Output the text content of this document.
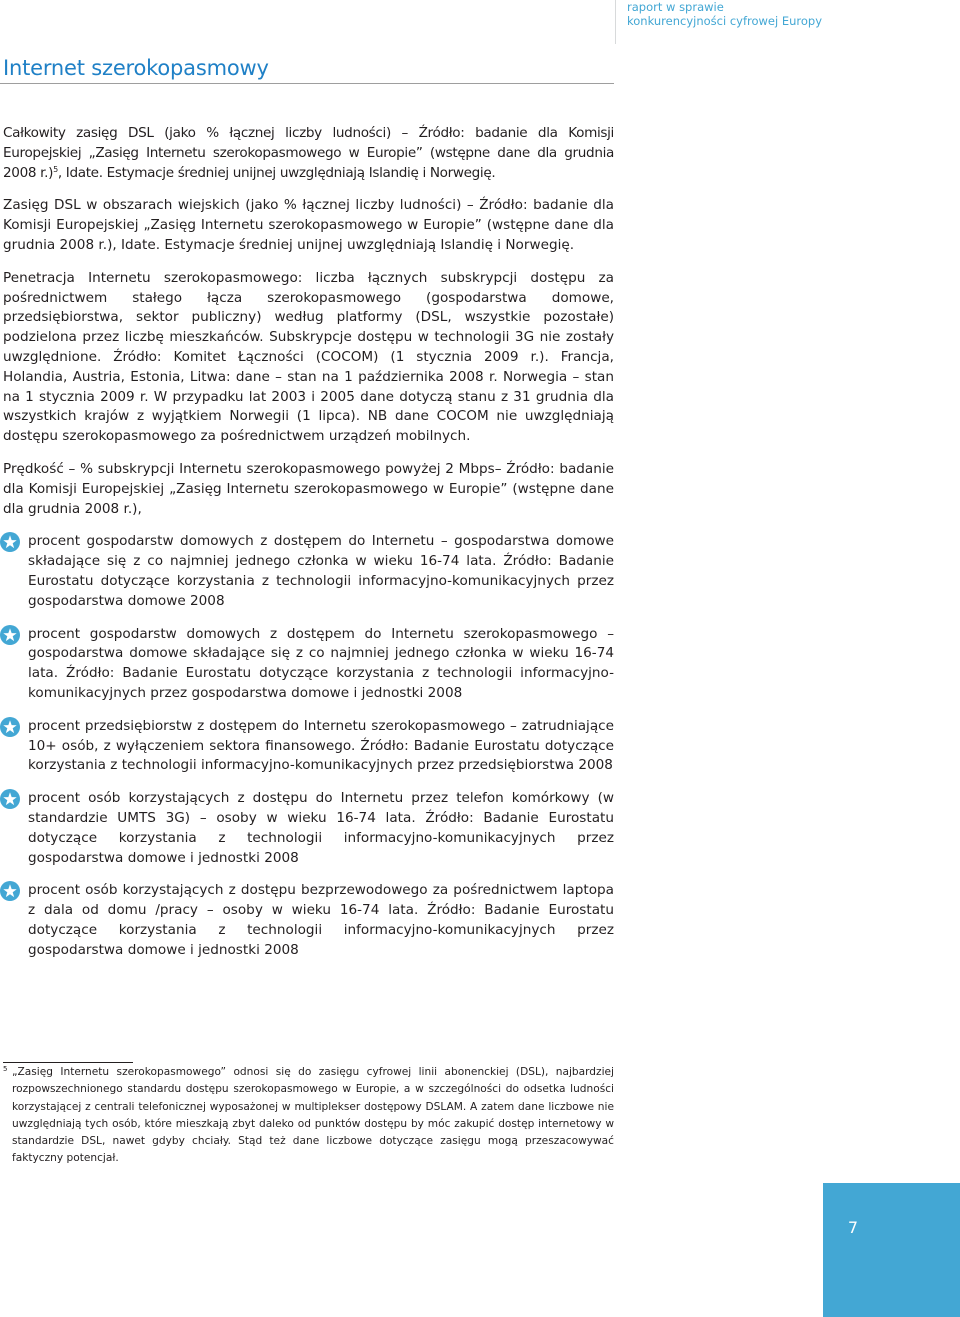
raport w sprawie
konkurencyjności cyfrowej Europy
Internet szerokopasmowy

Całkowity zasięg DSL (jako % łącznej liczby ludności) – Źródło: badanie dla Komisji Europejskiej „Zasięg Internetu szerokopasmowego w Europie” (wstępne dane dla grudnia 2008 r.)$^5$, Idate. Estymacje średniej unijnej uwzględniają Islandię i Norwegię.

Zasięg DSL w obszarach wiejskich (jako % łącznej liczby ludności) – Źródło: badanie dla Komisji Europejskiej „Zasięg Internetu szerokopasmowego w Europie” (wstępne dane dla grudnia 2008 r.), Idate. Estymacje średniej unijnej uwzględniają Islandię i Norwegię.

Penetracja Internetu szerokopasmowego: liczba łącznych subskrypcji dostępu za pośrednictwem stałego łącza szerokopasmowego (gospodarstwa domowe, przedsiębiorstwa, sektor publiczny) według platformy (DSL, wszystkie pozostałe) podzielona przez liczbę mieszkańców. Subskrypcje dostępu w technologii 3G nie zostały uwzględnione. Źródło: Komitet Łączności (COCOM) (1 stycznia 2009 r.). Francja, Holandia, Austria, Estonia, Litwa: dane – stan na 1 października 2008 r. Norwegia – stan na 1 stycznia 2009 r. W przypadku lat 2003 i 2005 dane dotyczą stanu z 31 grudnia dla wszystkich krajów z wyjątkiem Norwegii (1 lipca). NB dane COCOM nie uwzględniają dostępu szerokopasmowego za pośrednictwem urządzeń mobilnych.

Prędkość – % subskrypcji Internetu szerokopasmowego powyżej 2 Mbps– Źródło: badanie dla Komisji Europejskiej „Zasięg Internetu szerokopasmowego w Europie” (wstępne dane dla grudnia 2008 r.),

procent gospodarstw domowych z dostępem do Internetu – gospodarstwa domowe składające się z co najmniej jednego członka w wieku 16-74 lata. Źródło: Badanie Eurostatu dotyczące korzystania z technologii informacyjno-komunikacyjnych przez gospodarstwa domowe 2008
procent gospodarstw domowych z dostępem do Internetu szerokopasmowego – gospodarstwa domowe składające się z co najmniej jednego członka w wieku 16-74 lata. Źródło: Badanie Eurostatu dotyczące korzystania z technologii informacyjno-komunikacyjnych przez gospodarstwa domowe i jednostki 2008
procent przedsiębiorstw z dostępem do Internetu szerokopasmowego – zatrudniające 10+ osób, z wyłączeniem sektora finansowego. Źródło: Badanie Eurostatu dotyczące korzystania z technologii informacyjno-komunikacyjnych przez przedsiębiorstwa 2008
procent osób korzystających z dostępu do Internetu przez telefon komórkowy (w standardzie UMTS 3G) – osoby w wieku 16-74 lata. Źródło: Badanie Eurostatu dotyczące korzystania z technologii informacyjno-komunikacyjnych przez gospodarstwa domowe i jednostki 2008
procent osób korzystających z dostępu bezprzewodowego za pośrednictwem laptopa z dala od domu /pracy – osoby w wieku 16-74 lata. Źródło: Badanie Eurostatu dotyczące korzystania z technologii informacyjno-komunikacyjnych przez gospodarstwa domowe i jednostki 2008
5 „Zasięg Internetu szerokopasmowego” odnosi się do zasięgu cyfrowej linii abonenckiej (DSL), najbardziej rozpowszechnionego standardu dostępu szerokopasmowego w Europie, a w szczególności do odsetka ludności korzystającej z centrali telefonicznej wyposażonej w multiplekser dostępowy DSLAM. A zatem dane liczbowe nie uwzględniają tych osób, które mieszkają zbyt daleko od punktów dostępu by móc zakupić dostęp internetowy w standardzie DSL, nawet gdyby chciały. Stąd też dane liczbowe dotyczące zasięgu mogą przeszacowywać faktyczny potencjał.
7
